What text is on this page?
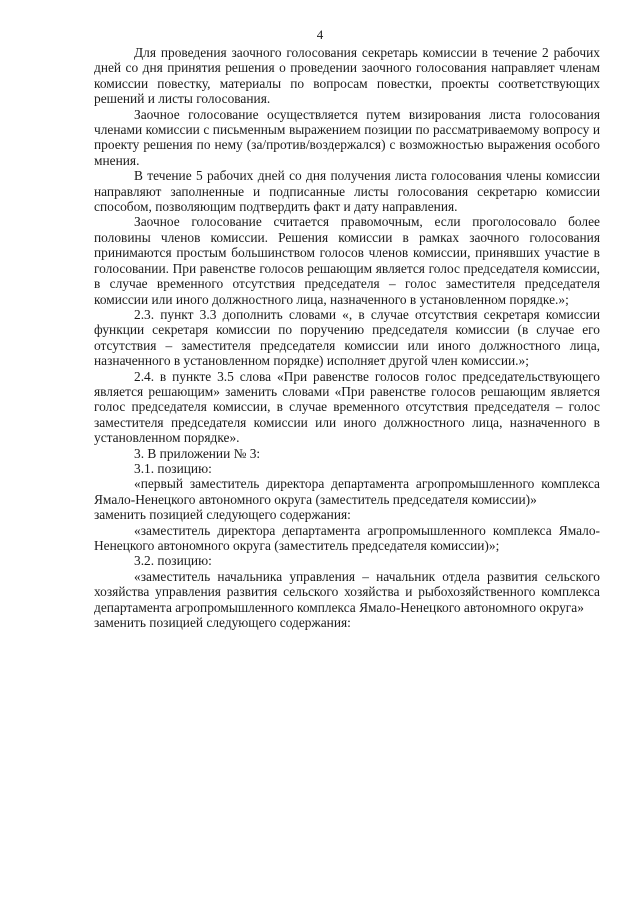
4

Для проведения заочного голосования секретарь комиссии в течение 2 рабочих дней со дня принятия решения о проведении заочного голосования направляет членам комиссии повестку, материалы по вопросам повестки, проекты соответствующих решений и листы голосования.

Заочное голосование осуществляется путем визирования листа голосования членами комиссии с письменным выражением позиции по рассматриваемому вопросу и проекту решения по нему (за/против/воздержался) с возможностью выражения особого мнения.

В течение 5 рабочих дней со дня получения листа голосования члены комиссии направляют заполненные и подписанные листы голосования секретарю комиссии способом, позволяющим подтвердить факт и дату направления.

Заочное голосование считается правомочным, если проголосовало более половины членов комиссии. Решения комиссии в рамках заочного голосования принимаются простым большинством голосов членов комиссии, принявших участие в голосовании. При равенстве голосов решающим является голос председателя комиссии, в случае временного отсутствия председателя – голос заместителя председателя комиссии или иного должностного лица, назначенного в установленном порядке.»;

2.3. пункт 3.3 дополнить словами «, в случае отсутствия секретаря комиссии функции секретаря комиссии по поручению председателя комиссии (в случае его отсутствия – заместителя председателя комиссии или иного должностного лица, назначенного в установленном порядке) исполняет другой член комиссии.»;

2.4. в пункте 3.5 слова «При равенстве голосов голос председательствующего является решающим» заменить словами «При равенстве голосов решающим является голос председателя комиссии, в случае временного отсутствия председателя – голос заместителя председателя комиссии или иного должностного лица, назначенного в установленном порядке».

3. В приложении № 3:

3.1. позицию:

«первый заместитель директора департамента агропромышленного комплекса Ямало-Ненецкого автономного округа (заместитель председателя комиссии)»

заменить позицией следующего содержания:

«заместитель директора департамента агропромышленного комплекса Ямало-Ненецкого автономного округа (заместитель председателя комиссии)»;

3.2. позицию:

«заместитель начальника управления – начальник отдела развития сельского хозяйства управления развития сельского хозяйства и рыбохозяйственного комплекса департамента агропромышленного комплекса Ямало-Ненецкого автономного округа»

заменить позицией следующего содержания:
